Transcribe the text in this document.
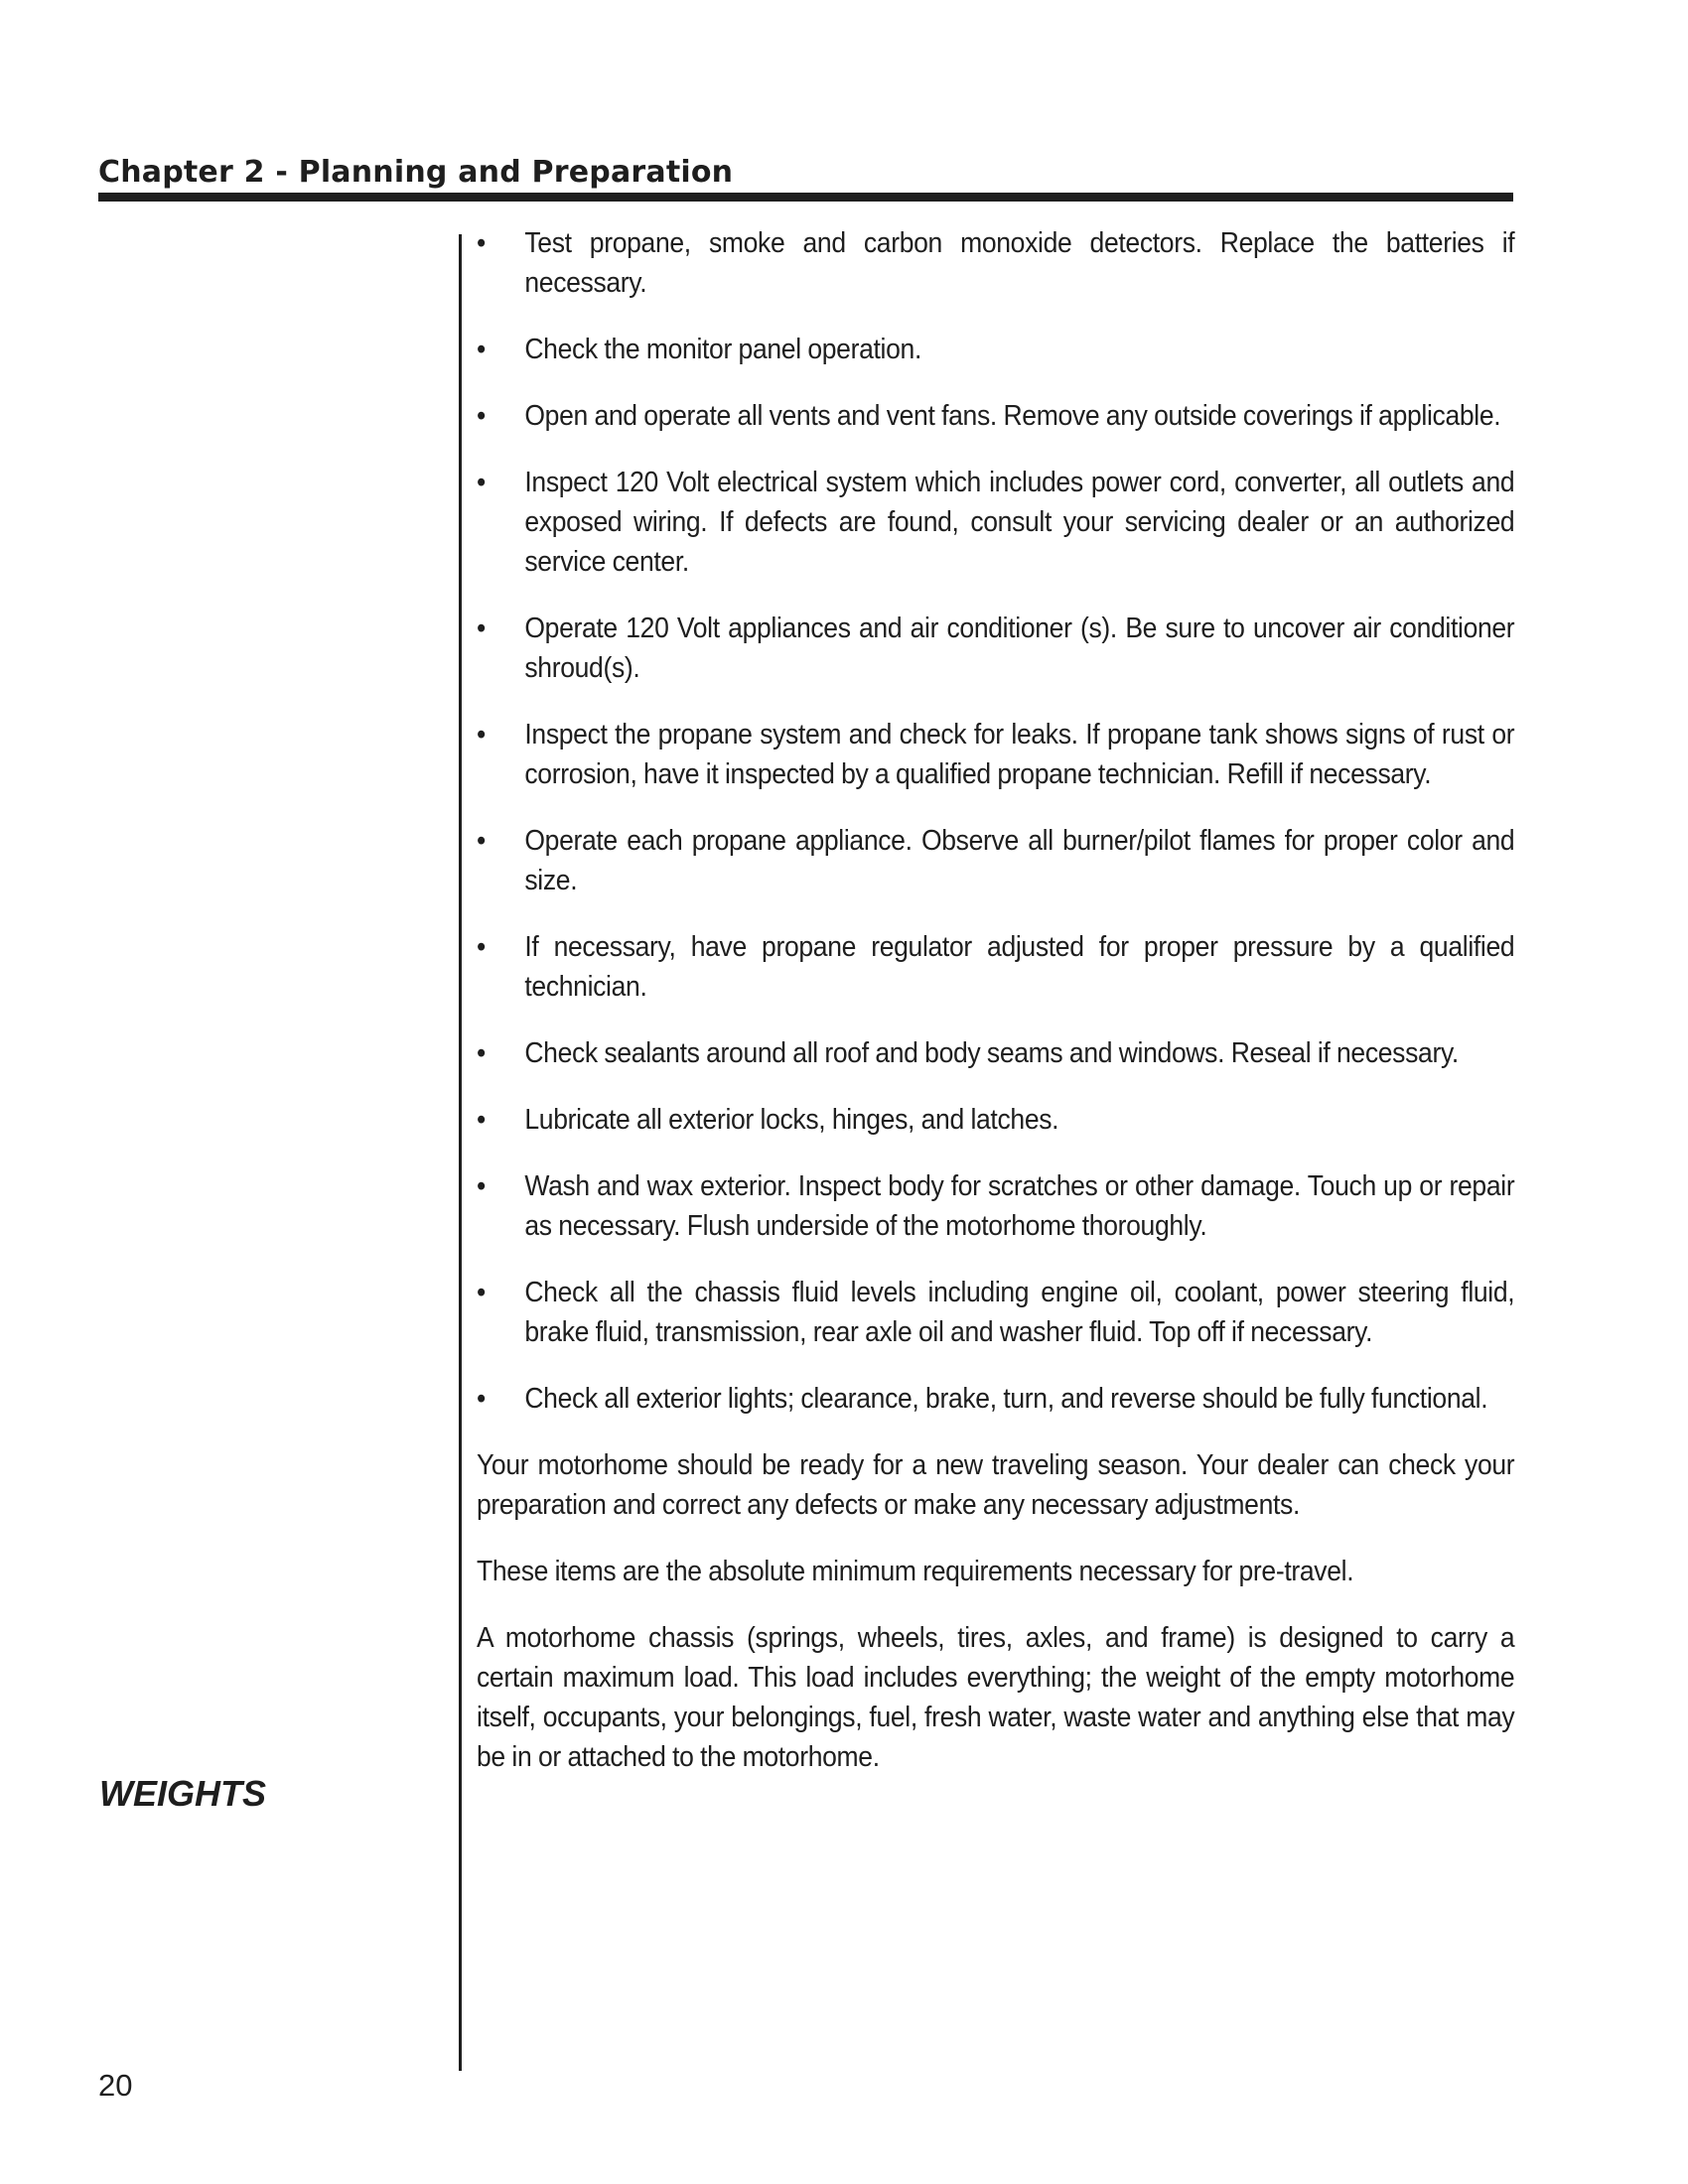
Chapter 2 - Planning and Preparation
WEIGHTS
• Test propane, smoke and carbon monoxide detectors. Replace the batteries if necessary.
• Check the monitor panel operation.
• Open and operate all vents and vent fans. Remove any outside coverings if applicable.
• Inspect 120 Volt electrical system which includes power cord, converter, all outlets and exposed wiring. If defects are found, consult your servicing dealer or an authorized service center.
• Operate 120 Volt appliances and air conditioner (s). Be sure to uncover air conditioner shroud(s).
• Inspect the propane system and check for leaks. If propane tank shows signs of rust or corrosion, have it inspected by a qualified propane technician. Refill if necessary.
• Operate each propane appliance. Observe all burner/pilot flames for proper color and size.
• If necessary, have propane regulator adjusted for proper pressure by a qualified technician.
• Check sealants around all roof and body seams and windows. Reseal if necessary.
• Lubricate all exterior locks, hinges, and latches.
• Wash and wax exterior. Inspect body for scratches or other damage. Touch up or repair as necessary. Flush underside of the motorhome thoroughly.
• Check all the chassis fluid levels including engine oil, coolant, power steering fluid, brake fluid, transmission, rear axle oil and washer fluid. Top off if necessary.
• Check all exterior lights; clearance, brake, turn, and reverse should be fully functional.

Your motorhome should be ready for a new traveling season. Your dealer can check your preparation and correct any defects or make any necessary adjustments.

These items are the absolute minimum requirements necessary for pre-travel.

A motorhome chassis (springs, wheels, tires, axles, and frame) is designed to carry a certain maximum load. This load includes everything; the weight of the empty motorhome itself, occupants, your belongings, fuel, fresh water, waste water and anything else that may be in or attached to the motorhome.

20
